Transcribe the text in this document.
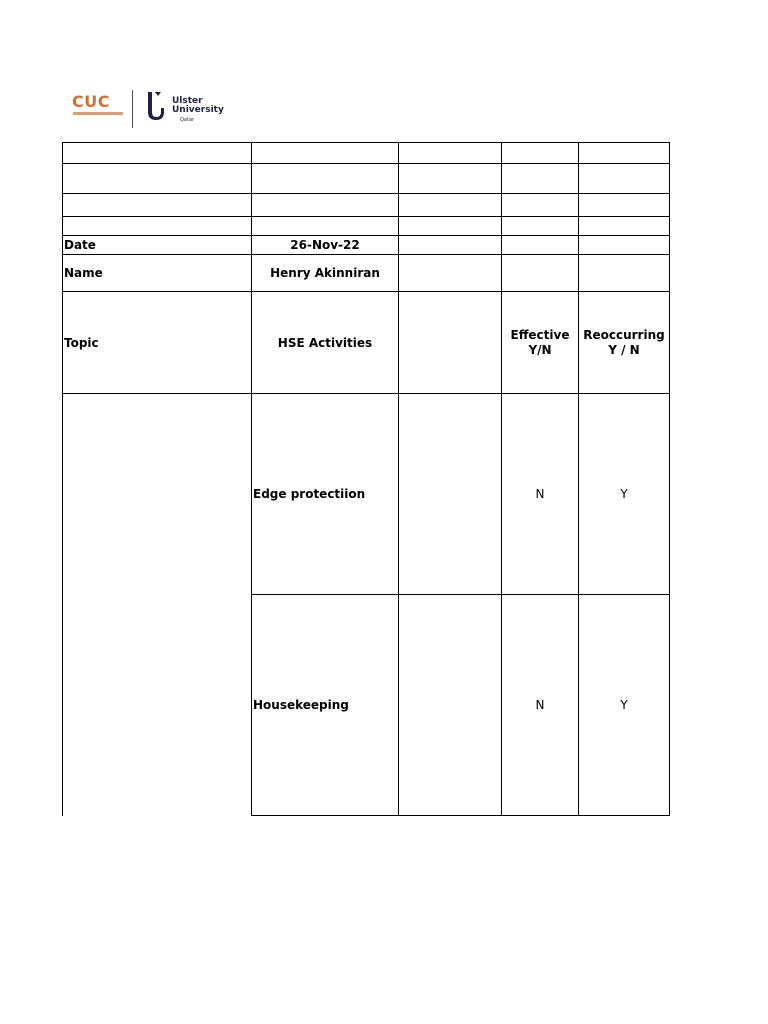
CUC	Ulster University
Qatar

Date	26-Nov-22			
Name	Henry Akinniran			
Topic	HSE Activities		Effective Y/N	Reoccurring Y / N
	Edge protectiion		N	Y
	Housekeeping		N	Y
